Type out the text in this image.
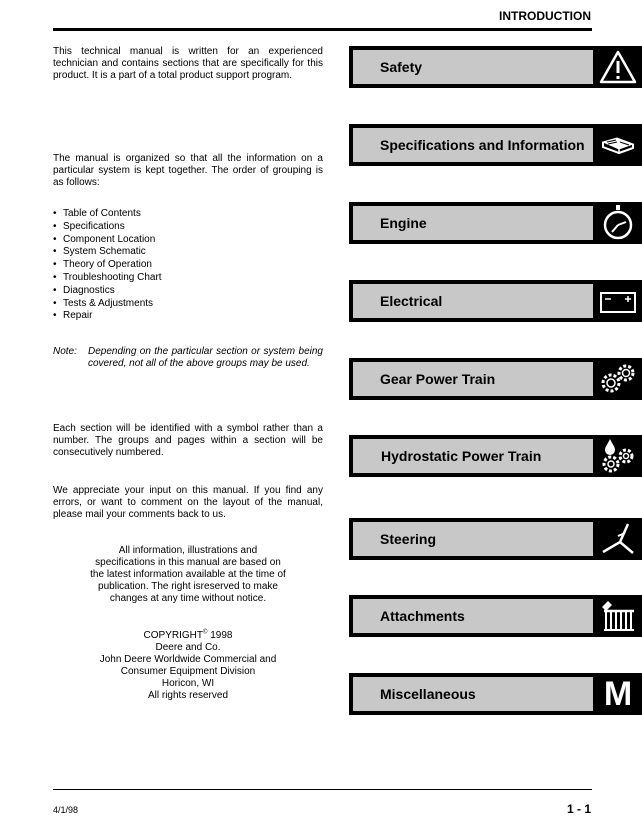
INTRODUCTION

This technical manual is written for an experienced technician and contains sections that are specifically for this product. It is a part of a total product support program.

The manual is organized so that all the information on a particular system is kept together. The order of grouping is as follows:

• Table of Contents
• Specifications
• Component Location
• System Schematic
• Theory of Operation
• Troubleshooting Chart
• Diagnostics
• Tests & Adjustments
• Repair
Note: Depending on the particular section or system being covered, not all of the above groups may be used.

Each section will be identified with a symbol rather than a number. The groups and pages within a section will be consecutively numbered.

We appreciate your input on this manual. If you find any errors, or want to comment on the layout of the manual, please mail your comments back to us.

All information, illustrations and
specifications in this manual are based on
the latest information available at the time of
publication. The right isreserved to make
changes at any time without notice.
COPYRIGHT© 1998
Deere and Co.
John Deere Worldwide Commercial and
Consumer Equipment Division
Horicon, WI
All rights reserved
Safety
Specifications and Information
Engine
Electrical
Gear Power Train
Hydrostatic Power Train
Steering
Attachments
Miscellaneous	M
4/1/98	1 - 1
